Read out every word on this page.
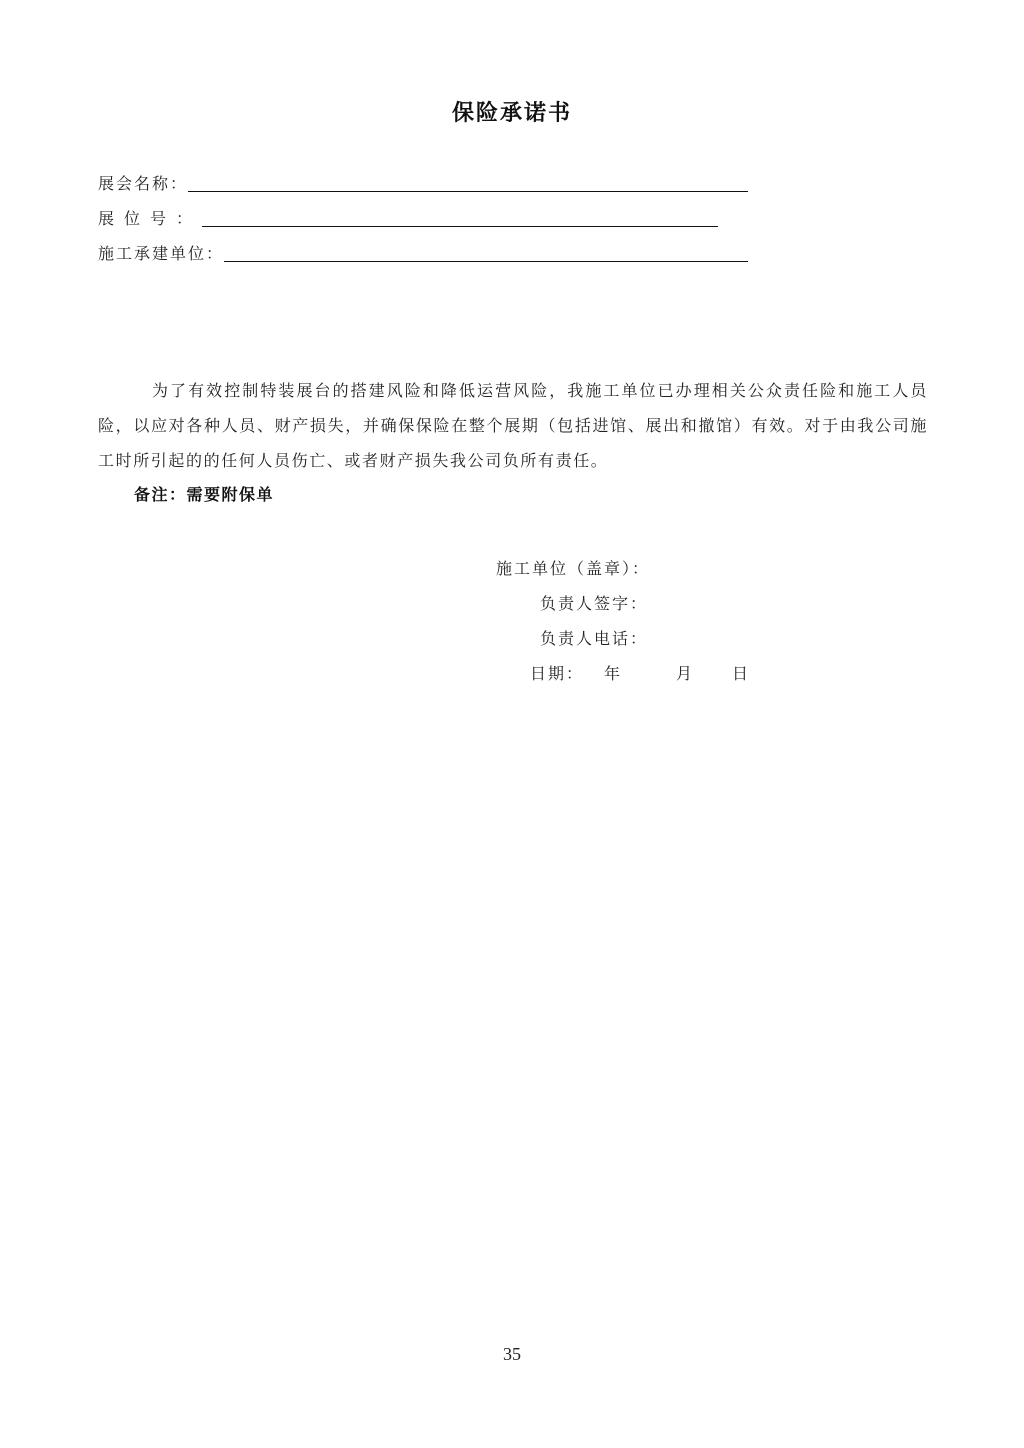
保险承诺书
展会名称：
展位号：
施工承建单位：

为了有效控制特装展台的搭建风险和降低运营风险，我施工单位已办理相关公众责任险和施工人员险，以应对各种人员、财产损失，并确保保险在整个展期（包括进馆、展出和撤馆）有效。对于由我公司施工时所引起的的任何人员伤亡、或者财产损失我公司负所有责任。

备注：需要附保单
施工单位（盖章）：
负责人签字：
负责人电话：
日期： 年	月 日
35
